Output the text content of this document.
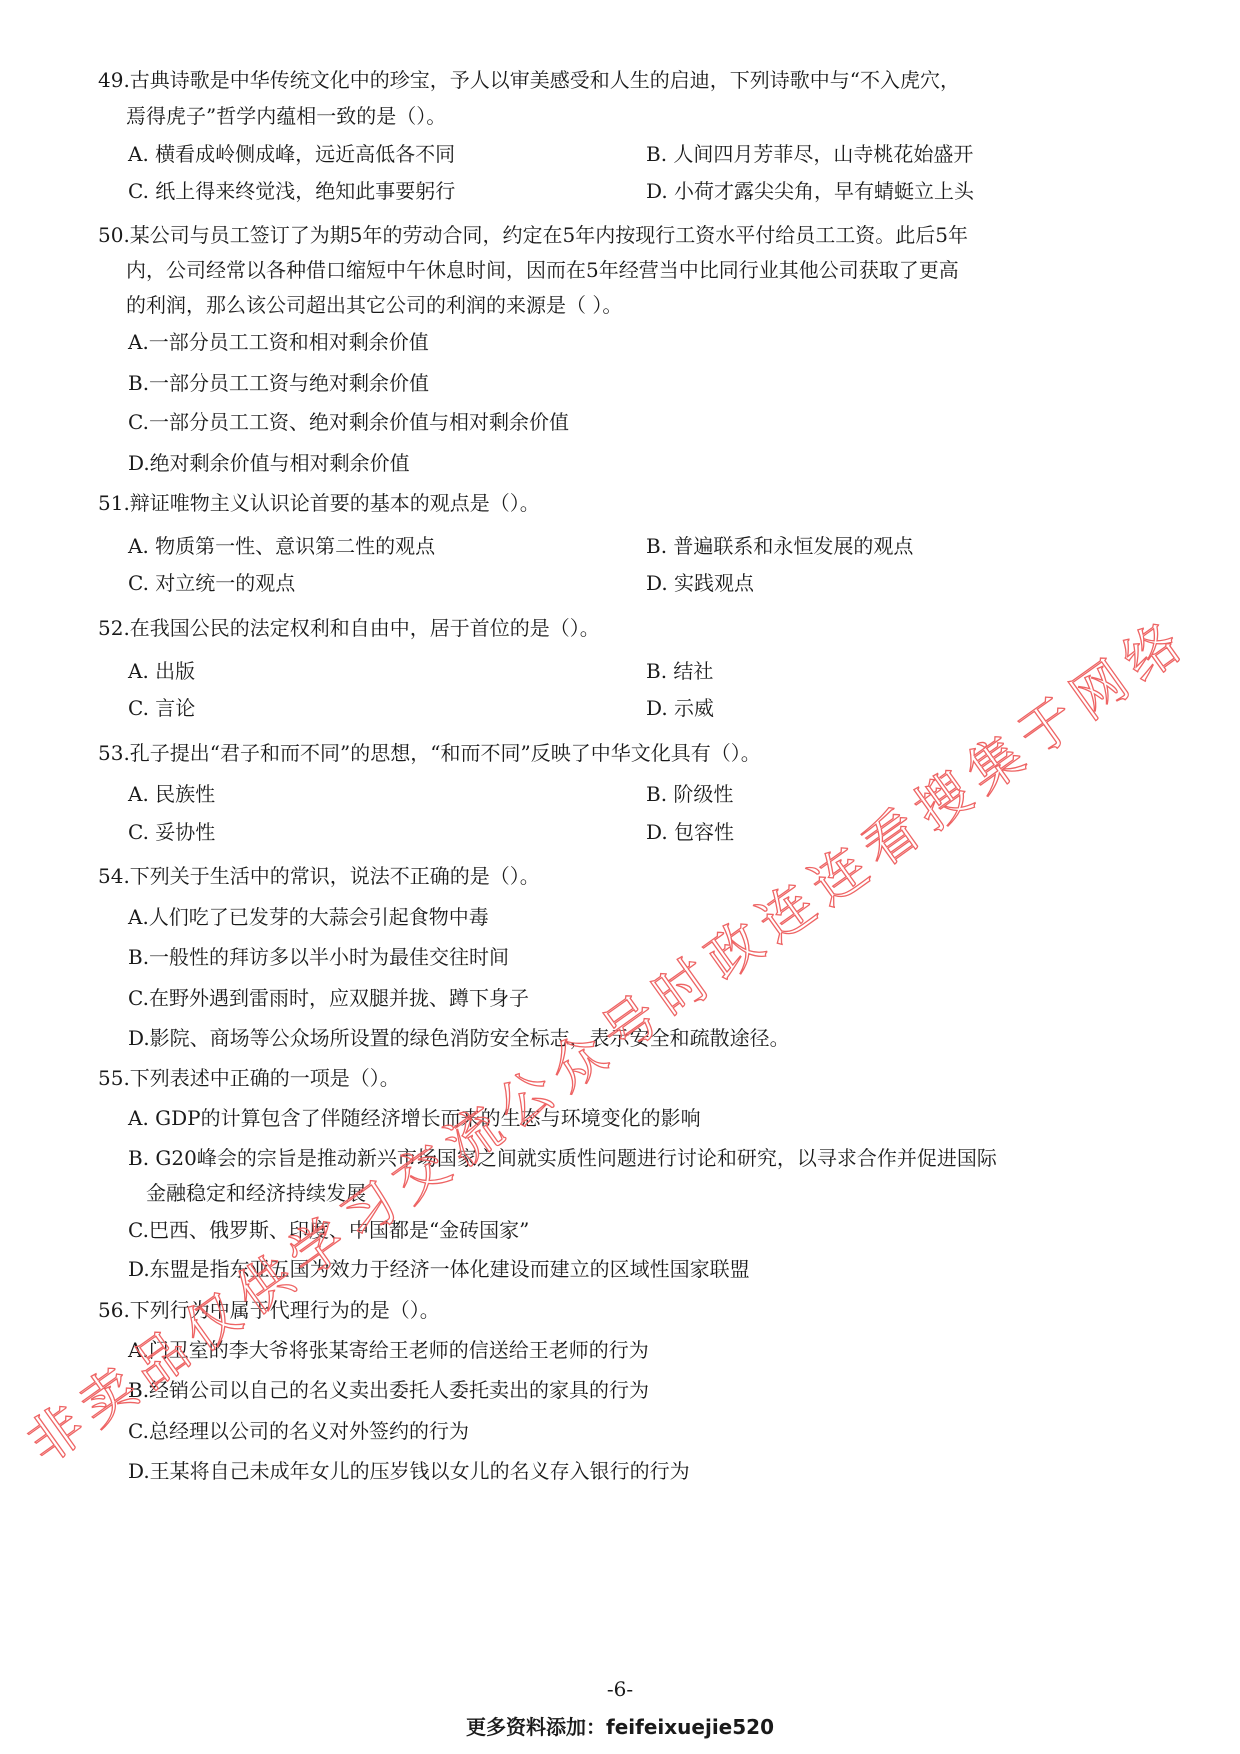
49.古典诗歌是中华传统文化中的珍宝，予人以审美感受和人生的启迪，下列诗歌中与“不入虎穴，
焉得虎子”哲学内蕴相一致的是（）。
A. 横看成岭侧成峰，远近高低各不同	B. 人间四月芳菲尽，山寺桃花始盛开
C. 纸上得来终觉浅，绝知此事要躬行	D. 小荷才露尖尖角，早有蜻蜓立上头
50.某公司与员工签订了为期5年的劳动合同，约定在5年内按现行工资水平付给员工工资。此后5年
内，公司经常以各种借口缩短中午休息时间，因而在5年经营当中比同行业其他公司获取了更高
的利润，那么该公司超出其它公司的利润的来源是（ ）。
A.一部分员工工资和相对剩余价值
B.一部分员工工资与绝对剩余价值
C.一部分员工工资、绝对剩余价值与相对剩余价值
D.绝对剩余价值与相对剩余价值
51.辩证唯物主义认识论首要的基本的观点是（）。
A. 物质第一性、意识第二性的观点	B. 普遍联系和永恒发展的观点
C. 对立统一的观点	D. 实践观点
52.在我国公民的法定权利和自由中，居于首位的是（）。
A. 出版	B. 结社
C. 言论	D. 示威
53.孔子提出“君子和而不同”的思想，“和而不同”反映了中华文化具有（）。
A. 民族性	B. 阶级性
C. 妥协性	D. 包容性
54.下列关于生活中的常识，说法不正确的是（）。
A.人们吃了已发芽的大蒜会引起食物中毒
B.一般性的拜访多以半小时为最佳交往时间
C.在野外遇到雷雨时，应双腿并拢、蹲下身子
D.影院、商场等公众场所设置的绿色消防安全标志，表示安全和疏散途径。
55.下列表述中正确的一项是（）。
A. GDP的计算包含了伴随经济增长而来的生态与环境变化的影响
B. G20峰会的宗旨是推动新兴市场国家之间就实质性问题进行讨论和研究，以寻求合作并促进国际
金融稳定和经济持续发展
C.巴西、俄罗斯、印度、中国都是“金砖国家”
D.东盟是指东亚五国为效力于经济一体化建设而建立的区域性国家联盟
56.下列行为中属于代理行为的是（）。
A.门卫室的李大爷将张某寄给王老师的信送给王老师的行为
B.经销公司以自己的名义卖出委托人委托卖出的家具的行为
C.总经理以公司的名义对外签约的行为
D.王某将自己未成年女儿的压岁钱以女儿的名义存入银行的行为
-6-
更多资料添加：feifeixuejie520
非卖品仅供学习交流公众号时政连连看搜集于网络
